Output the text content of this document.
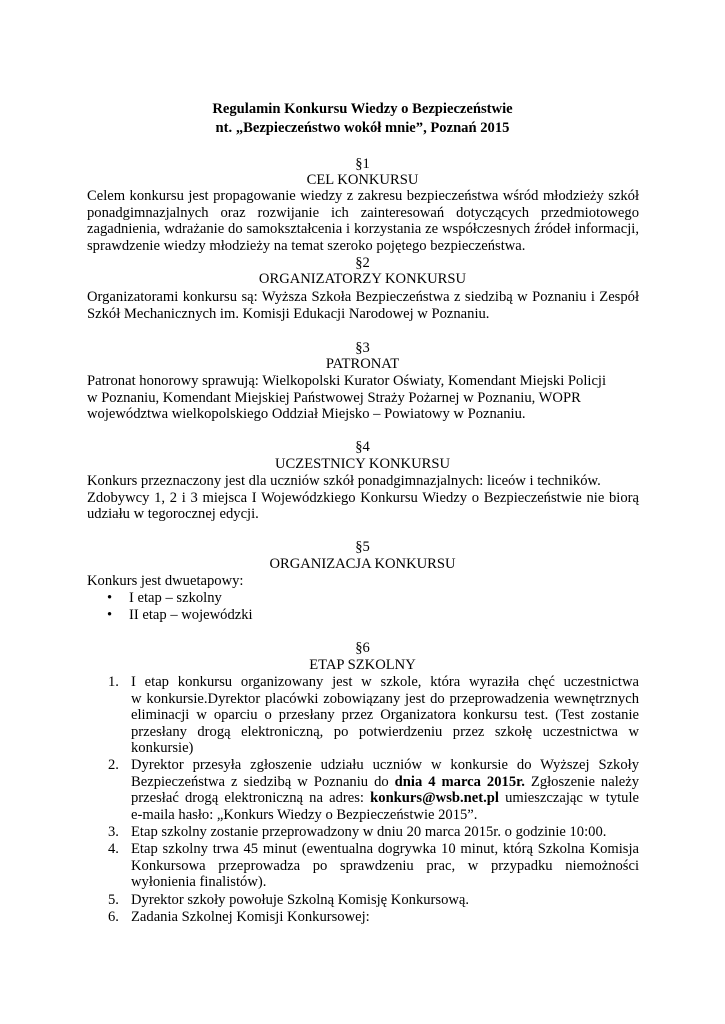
Regulamin Konkursu Wiedzy o Bezpieczeństwie
nt. „Bezpieczeństwo wokół mnie”, Poznań 2015
§1
CEL KONKURSU
Celem konkursu jest propagowanie wiedzy z zakresu bezpieczeństwa wśród młodzieży szkół
ponadgimnazjalnych oraz rozwijanie ich zainteresowań dotyczących przedmiotowego
zagadnienia, wdrażanie do samokształcenia i korzystania ze współczesnych źródeł informacji,
sprawdzenie wiedzy młodzieży na temat szeroko pojętego bezpieczeństwa.
§2
ORGANIZATORZY KONKURSU
Organizatorami konkursu są: Wyższa Szkoła Bezpieczeństwa z siedzibą w Poznaniu i Zespół
Szkół Mechanicznych im. Komisji Edukacji Narodowej w Poznaniu.
§3
PATRONAT
Patronat honorowy sprawują: Wielkopolski Kurator Oświaty, Komendant Miejski Policji
w Poznaniu, Komendant Miejskiej Państwowej Straży Pożarnej w Poznaniu, WOPR
województwa wielkopolskiego Oddział Miejsko – Powiatowy w Poznaniu.
§4
UCZESTNICY KONKURSU
Konkurs przeznaczony jest dla uczniów szkół ponadgimnazjalnych: liceów i techników.
Zdobywcy 1, 2 i 3 miejsca I Wojewódzkiego Konkursu Wiedzy o Bezpieczeństwie nie biorą
udziału w tegorocznej edycji.
§5
ORGANIZACJA KONKURSU
Konkurs jest dwuetapowy:
• I etap – szkolny
• II etap – wojewódzki
§6
ETAP SZKOLNY
1. I etap konkursu organizowany jest w szkole, która wyraziła chęć uczestnictwa
w konkursie.Dyrektor placówki zobowiązany jest do przeprowadzenia wewnętrznych
eliminacji w oparciu o przesłany przez Organizatora konkursu test. (Test zostanie
przesłany drogą elektroniczną, po potwierdzeniu przez szkołę uczestnictwa w
konkursie)
2. Dyrektor przesyła zgłoszenie udziału uczniów w konkursie do Wyższej Szkoły
Bezpieczeństwa z siedzibą w Poznaniu do dnia 4 marca 2015r. Zgłoszenie należy
przesłać drogą elektroniczną na adres: konkurs@wsb.net.pl umieszczając w tytule
e-maila hasło: „Konkurs Wiedzy o Bezpieczeństwie 2015”.
3. Etap szkolny zostanie przeprowadzony w dniu 20 marca 2015r. o godzinie 10:00.
4. Etap szkolny trwa 45 minut (ewentualna dogrywka 10 minut, którą Szkolna Komisja
Konkursowa przeprowadza po sprawdzeniu prac, w przypadku niemożności
wyłonienia finalistów).
5. Dyrektor szkoły powołuje Szkolną Komisję Konkursową.
6. Zadania Szkolnej Komisji Konkursowej:
